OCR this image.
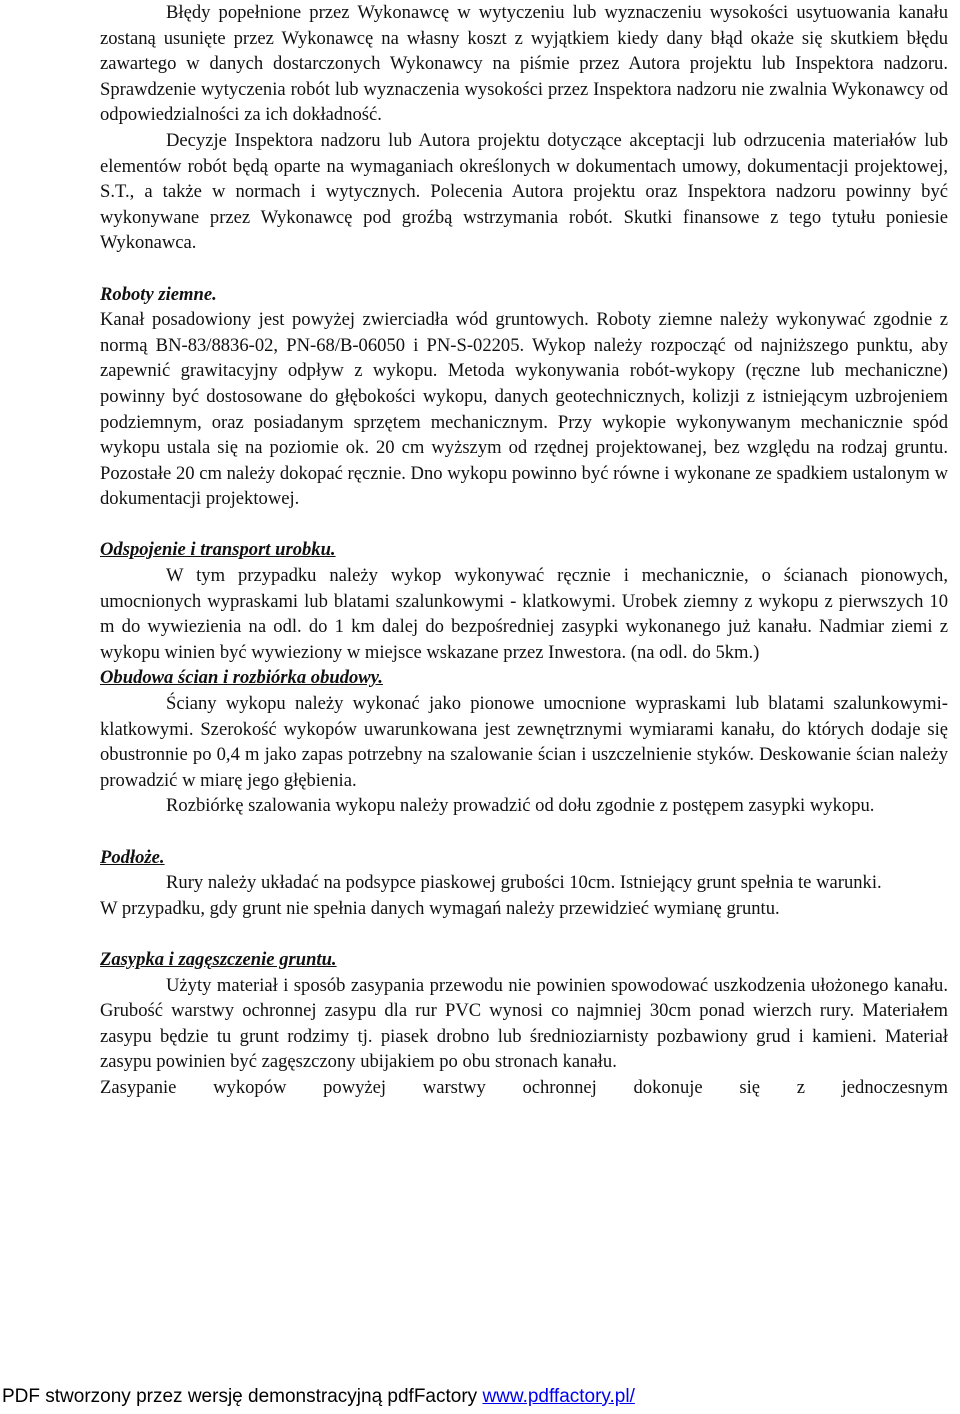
Błędy popełnione przez Wykonawcę w wytyczeniu lub wyznaczeniu wysokości usytuowania kanału zostaną usunięte przez Wykonawcę na własny koszt z wyjątkiem kiedy dany błąd okaże się skutkiem błędu zawartego w danych dostarczonych Wykonawcy na piśmie przez Autora projektu lub Inspektora nadzoru. Sprawdzenie wytyczenia robót lub wyznaczenia wysokości przez Inspektora nadzoru nie zwalnia Wykonawcy od odpowiedzialności za ich dokładność.

Decyzje Inspektora nadzoru lub Autora projektu dotyczące akceptacji lub odrzucenia materiałów lub elementów robót będą oparte na wymaganiach określonych w dokumentach umowy, dokumentacji projektowej, S.T., a także w normach i wytycznych. Polecenia Autora projektu oraz Inspektora nadzoru powinny być wykonywane przez Wykonawcę pod groźbą wstrzymania robót. Skutki finansowe z tego tytułu poniesie Wykonawca.

Roboty ziemne.

Kanał posadowiony jest powyżej zwierciadła wód gruntowych. Roboty ziemne należy wykonywać zgodnie z normą BN-83/8836-02, PN-68/B-06050 i PN-S-02205. Wykop należy rozpocząć od najniższego punktu, aby zapewnić grawitacyjny odpływ z wykopu. Metoda wykonywania robót-wykopy (ręczne lub mechaniczne) powinny być dostosowane do głębokości wykopu, danych geotechnicznych, kolizji z istniejącym uzbrojeniem podziemnym, oraz posiadanym sprzętem mechanicznym. Przy wykopie wykonywanym mechanicznie spód wykopu ustala się na poziomie ok. 20 cm wyższym od rzędnej projektowanej, bez względu na rodzaj gruntu. Pozostałe 20 cm należy dokopać ręcznie. Dno wykopu powinno być równe i wykonane ze spadkiem ustalonym w dokumentacji projektowej.

Odspojenie i transport urobku.

W tym przypadku należy wykop wykonywać ręcznie i mechanicznie, o ścianach pionowych, umocnionych wypraskami lub blatami szalunkowymi - klatkowymi. Urobek ziemny z wykopu z pierwszych 10 m do wywiezienia na odl. do 1 km dalej do bezpośredniej zasypki wykonanego już kanału. Nadmiar ziemi z wykopu winien być wywieziony w miejsce wskazane przez Inwestora. (na odl. do 5km.)

Obudowa ścian i rozbiórka obudowy.

Ściany wykopu należy wykonać jako pionowe umocnione wypraskami lub blatami szalunkowymi-klatkowymi. Szerokość wykopów uwarunkowana jest zewnętrznymi wymiarami kanału, do których dodaje się obustronnie po 0,4 m jako zapas potrzebny na szalowanie ścian i uszczelnienie styków. Deskowanie ścian należy prowadzić w miarę jego głębienia.

Rozbiórkę szalowania wykopu należy prowadzić od dołu zgodnie z postępem zasypki wykopu.

Podłoże.

Rury należy układać na podsypce piaskowej grubości 10cm. Istniejący grunt spełnia te warunki.

W przypadku, gdy grunt nie spełnia danych wymagań należy przewidzieć wymianę gruntu.

Zasypka i zagęszczenie gruntu.

Użyty materiał i sposób zasypania przewodu nie powinien spowodować uszkodzenia ułożonego kanału. Grubość warstwy ochronnej zasypu dla rur PVC wynosi co najmniej 30cm ponad wierzch rury. Materiałem zasypu będzie tu grunt rodzimy tj. piasek drobno lub średnioziarnisty pozbawiony grud i kamieni. Materiał zasypu powinien być zagęszczony ubijakiem po obu stronach kanału.

Zasypanie wykopów powyżej warstwy ochronnej dokonuje się z jednoczesnym

PDF stworzony przez wersję demonstracyjną pdfFactory www.pdffactory.pl/
